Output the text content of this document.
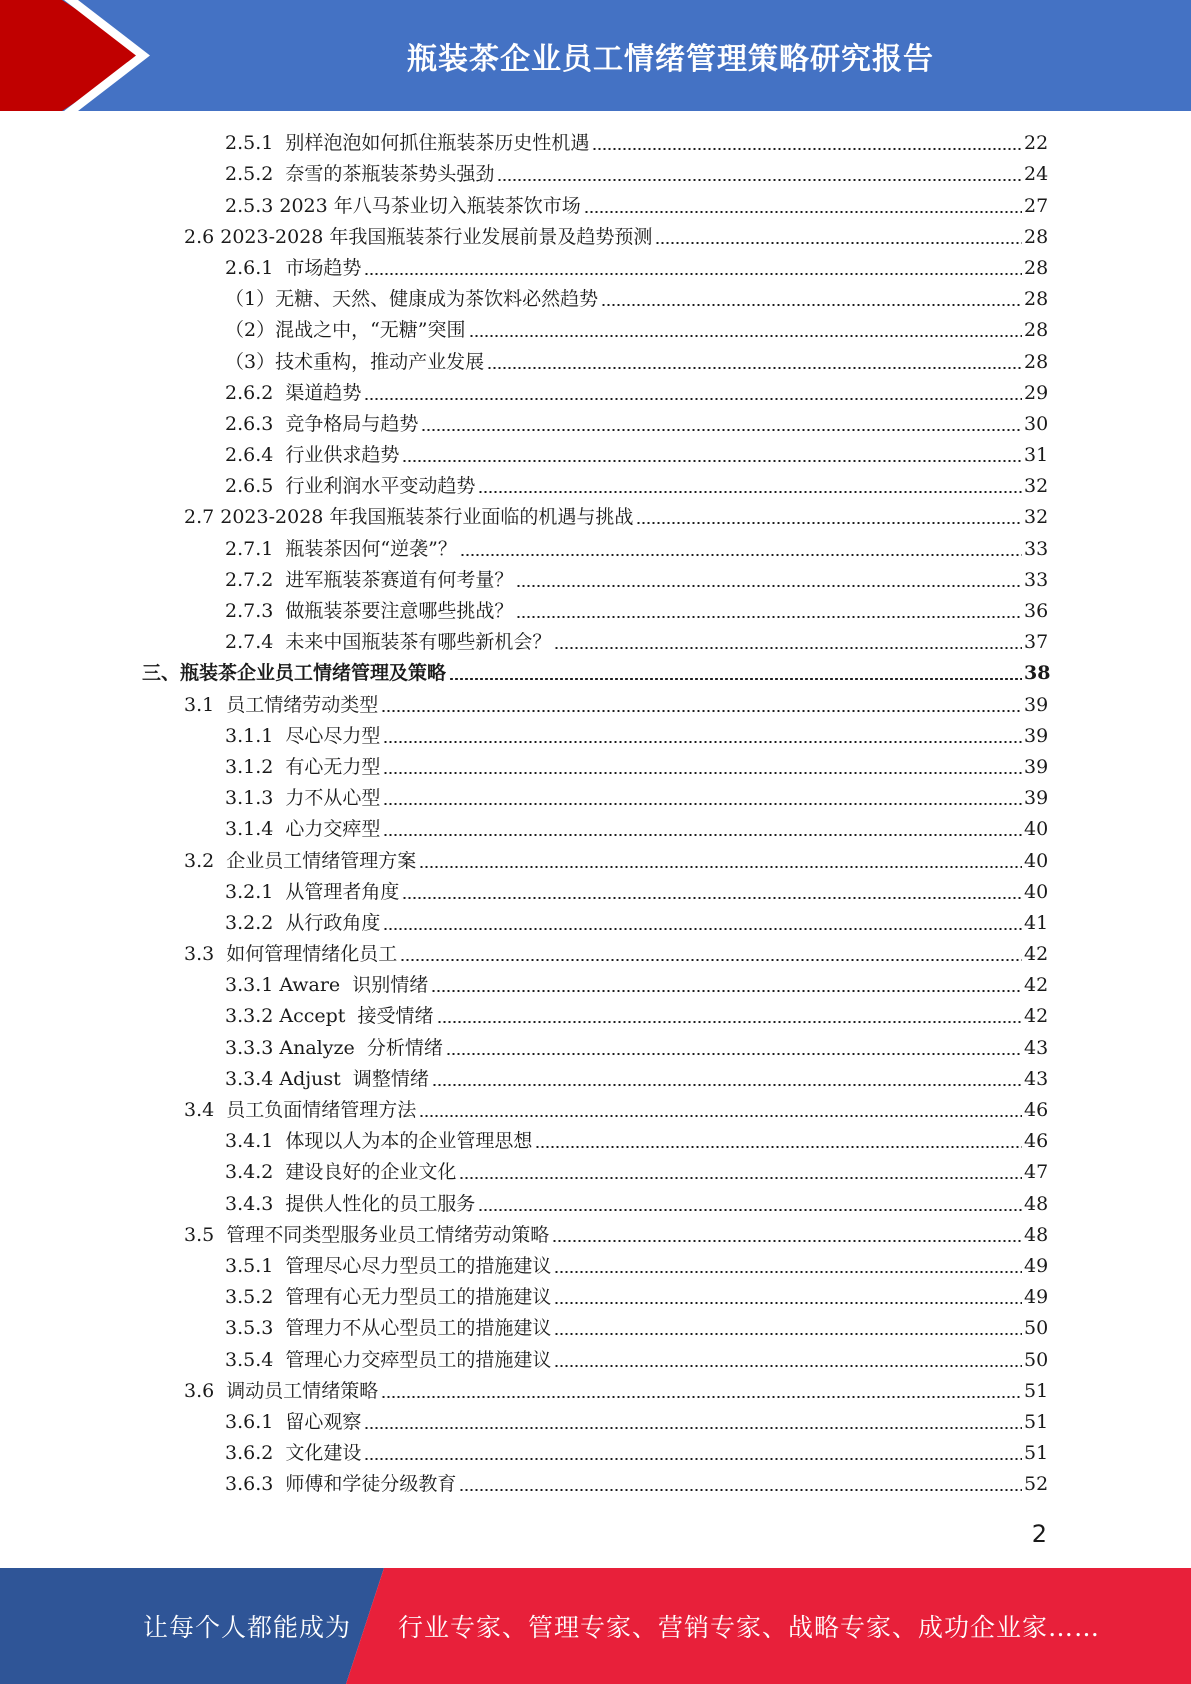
瓶装茶企业员工情绪管理策略研究报告
2.5.1  别样泡泡如何抓住瓶装茶历史性机遇	22
2.5.2  奈雪的茶瓶装茶势头强劲	24
2.5.3 2023 年八马茶业切入瓶装茶饮市场	27
2.6 2023-2028 年我国瓶装茶行业发展前景及趋势预测	28
2.6.1  市场趋势	28
（1）无糖、天然、健康成为茶饮料必然趋势	28
（2）混战之中，“无糖”突围	28
（3）技术重构，推动产业发展	28
2.6.2  渠道趋势	29
2.6.3  竞争格局与趋势	30
2.6.4  行业供求趋势	31
2.6.5  行业利润水平变动趋势	32
2.7 2023-2028 年我国瓶装茶行业面临的机遇与挑战	32
2.7.1  瓶装茶因何“逆袭”？	33
2.7.2  进军瓶装茶赛道有何考量？	33
2.7.3  做瓶装茶要注意哪些挑战？	36
2.7.4  未来中国瓶装茶有哪些新机会？	37
三、瓶装茶企业员工情绪管理及策略	38
3.1  员工情绪劳动类型	39
3.1.1  尽心尽力型	39
3.1.2  有心无力型	39
3.1.3  力不从心型	39
3.1.4  心力交瘁型	40
3.2  企业员工情绪管理方案	40
3.2.1  从管理者角度	40
3.2.2  从行政角度	41
3.3  如何管理情绪化员工	42
3.3.1 Aware  识别情绪	42
3.3.2 Accept  接受情绪	42
3.3.3 Analyze  分析情绪	43
3.3.4 Adjust  调整情绪	43
3.4  员工负面情绪管理方法	46
3.4.1  体现以人为本的企业管理思想	46
3.4.2  建设良好的企业文化	47
3.4.3  提供人性化的员工服务	48
3.5  管理不同类型服务业员工情绪劳动策略	48
3.5.1  管理尽心尽力型员工的措施建议	49
3.5.2  管理有心无力型员工的措施建议	49
3.5.3  管理力不从心型员工的措施建议	50
3.5.4  管理心力交瘁型员工的措施建议	50
3.6  调动员工情绪策略	51
3.6.1  留心观察	51
3.6.2  文化建设	51
3.6.3  师傅和学徒分级教育	52
2
让每个人都能成为 行业专家、管理专家、营销专家、战略专家、成功企业家……
